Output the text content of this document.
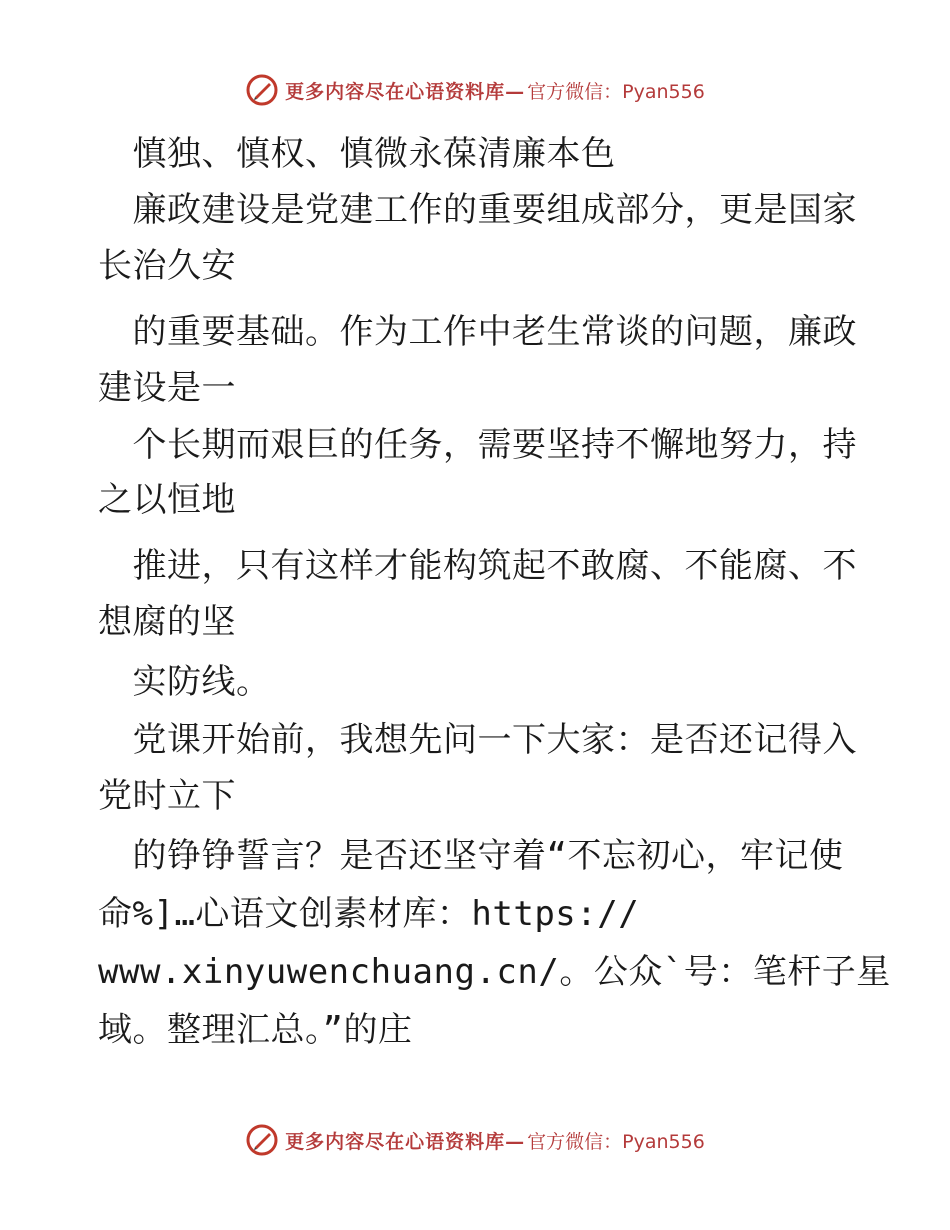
更多内容尽在心语资料库— 官方微信：Pyan556
　慎独、慎权、慎微永葆清廉本色
　廉政建设是党建工作的重要组成部分，更是国家
长治久安
　的重要基础。作为工作中老生常谈的问题，廉政
建设是一
　个长期而艰巨的任务，需要坚持不懈地努力，持
之以恒地
　推进，只有这样才能构筑起不敢腐、不能腐、不
想腐的坚
　实防线。
　党课开始前，我想先问一下大家：是否还记得入
党时立下
　的铮铮誓言？是否还坚守着“不忘初心，牢记使
命%]…心语文创素材库：https://
www.xinyuwenchuang.cn/。公众`号：笔杆子星
域。整理汇总。”的庄
更多内容尽在心语资料库— 官方微信：Pyan556
